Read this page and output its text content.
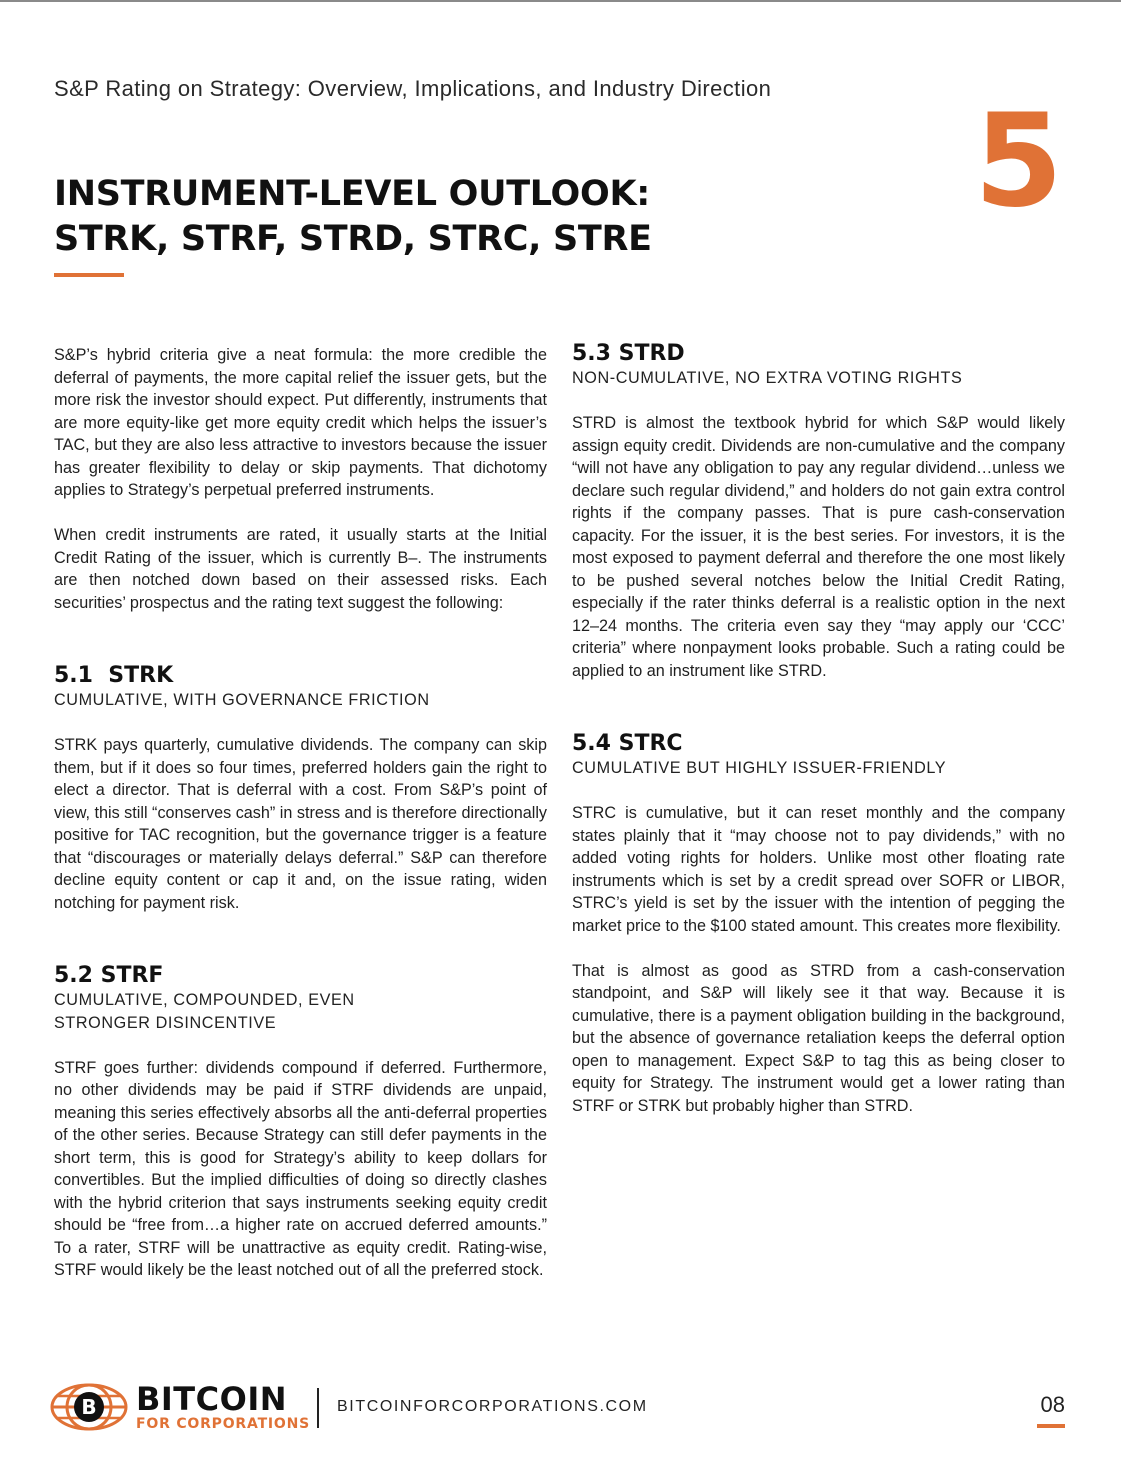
S&P Rating on Strategy: Overview, Implications, and Industry Direction 5
INSTRUMENT-LEVEL OUTLOOK:
STRK, STRF, STRD, STRC, STRE

S&P’s hybrid criteria give a neat formula: the more credible the deferral of payments, the more capital relief the issuer gets, but the more risk the investor should expect. Put differently, instruments that are more equity-like get more equity credit which helps the issuer’s TAC, but they are also less attractive to investors because the issuer has greater flexibility to delay or skip payments. That dichotomy applies to Strategy’s perpetual preferred instruments.

When credit instruments are rated, it usually starts at the Initial Credit Rating of the issuer, which is currently B–. The instruments are then notched down based on their assessed risks. Each securities’ prospectus and the rating text suggest the following:

5.1  STRK

CUMULATIVE, WITH GOVERNANCE FRICTION

STRK pays quarterly, cumulative dividends. The company can skip them, but if it does so four times, preferred holders gain the right to elect a director. That is deferral with a cost. From S&P’s point of view, this still “conserves cash” in stress and is therefore directionally positive for TAC recognition, but the governance trigger is a feature that “discourages or materially delays deferral.” S&P can therefore decline equity content or cap it and, on the issue rating, widen notching for payment risk.

5.2 STRF

CUMULATIVE, COMPOUNDED, EVEN
STRONGER DISINCENTIVE

STRF goes further: dividends compound if deferred. Furthermore, no other dividends may be paid if STRF dividends are unpaid, meaning this series effectively absorbs all the anti-deferral properties of the other series. Because Strategy can still defer payments in the short term, this is good for Strategy’s ability to keep dollars for convertibles. But the implied difficulties of doing so directly clashes with the hybrid criterion that says instruments seeking equity credit should be “free from…a higher rate on accrued deferred amounts.” To a rater, STRF will be unattractive as equity credit. Rating-wise, STRF would likely be the least notched out of all the preferred stock.

5.3 STRD

NON-CUMULATIVE, NO EXTRA VOTING RIGHTS

STRD is almost the textbook hybrid for which S&P would likely assign equity credit. Dividends are non-cumulative and the company “will not have any obligation to pay any regular dividend…unless we declare such regular dividend,” and holders do not gain extra control rights if the company passes. That is pure cash-conservation capacity. For the issuer, it is the best series. For investors, it is the most exposed to payment deferral and therefore the one most likely to be pushed several notches below the Initial Credit Rating, especially if the rater thinks deferral is a realistic option in the next 12–24 months. The criteria even say they “may apply our ‘CCC’ criteria” where nonpayment looks probable. Such a rating could be applied to an instrument like STRD.

5.4 STRC

CUMULATIVE BUT HIGHLY ISSUER-FRIENDLY

STRC is cumulative, but it can reset monthly and the company states plainly that it “may choose not to pay dividends,” with no added voting rights for holders. Unlike most other floating rate instruments which is set by a credit spread over SOFR or LIBOR, STRC’s yield is set by the issuer with the intention of pegging the market price to the $100 stated amount. This creates more flexibility.

That is almost as good as STRD from a cash-conservation standpoint, and S&P will likely see it that way. Because it is cumulative, there is a payment obligation building in the background, but the absence of governance retaliation keeps the deferral option open to management. Expect S&P to tag this as being closer to equity for Strategy. The instrument would get a lower rating than STRF or STRK but probably higher than STRD.

B BITCOIN
FOR CORPORATIONS
BITCOINFORCORPORATIONS.COM	08
